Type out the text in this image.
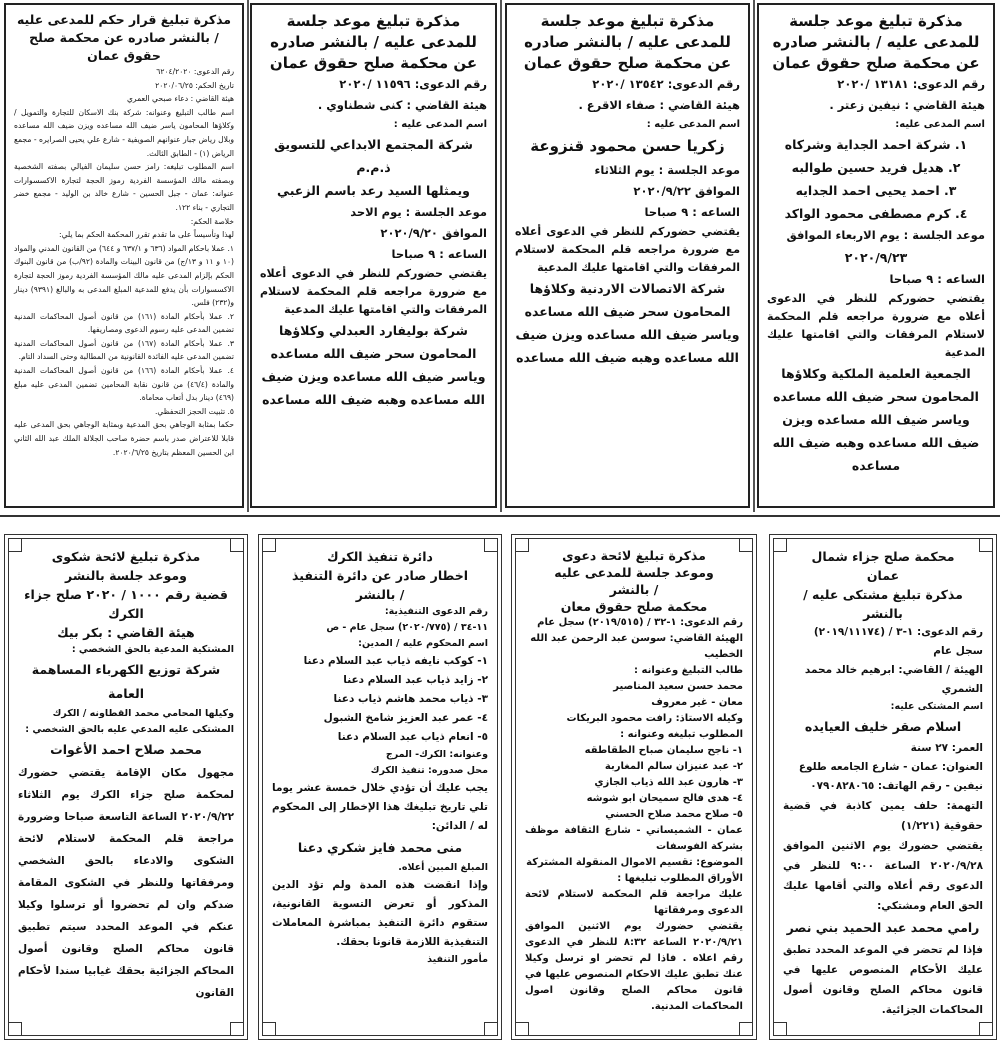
مذكرة تبليغ موعد جلسة
للمدعى عليه / بالنشر صادره
عن محكمة صلح حقوق عمان
رقم الدعوى: ١٣١٨١ /٢٠٢٠
هيئة القاضي : نيفين زعتر .
اسم المدعى عليه:
١. شركة احمد الجداية وشركاه
٢. هديل فريد حسين طوالبه
٣. احمد يحيى احمد الجدايه
٤. كرم مصطفى محمود الواكد
موعد الجلسة : يوم الاربعاء الموافق
٢٠٢٠/٩/٢٣
الساعه : ٩ صباحا
يقتضي حضوركم للنظر في الدعوى أعلاه مع ضرورة مراجعه قلم المحكمة لاستلام المرفقات والتي اقامتها عليك المدعية
الجمعية العلمية الملكية وكلاؤها المحامون سحر ضيف الله مساعده وياسر ضيف الله مساعده ويزن ضيف الله مساعده وهبه ضيف الله مساعده
مذكرة تبليغ موعد جلسة
للمدعى عليه / بالنشر صادره
عن محكمة صلح حقوق عمان
رقم الدعوى: ١٣٥٤٢ /٢٠٢٠
هيئة القاضي : صفاء الاقرع .
اسم المدعى عليه :
زكريا حسن محمود قنزوعة
موعد الجلسة : يوم الثلاثاء
الموافق ٢٠٢٠/٩/٢٢
الساعه : ٩ صباحا
يقتضي حضوركم للنظر في الدعوى أعلاه مع ضرورة مراجعه قلم المحكمة لاستلام المرفقات والتي اقامتها عليك المدعية
شركة الاتصالات الاردنية وكلاؤها المحامون سحر ضيف الله مساعده وياسر ضيف الله مساعده ويزن ضيف الله مساعده وهبه ضيف الله مساعده
مذكرة تبليغ موعد جلسة
للمدعى عليه / بالنشر صادره
عن محكمة صلح حقوق عمان
رقم الدعوى: ١١٥٩٦ /٢٠٢٠
هيئة القاضي : كنى شطناوي .
اسم المدعى عليه :
شركة المجتمع الابداعي للتسويق ذ.م.م
ويمثلها السيد رعد باسم الزعبي
موعد الجلسة : يوم الاحد
الموافق ٢٠٢٠/٩/٢٠
الساعه : ٩ صباحا
يقتضي حضوركم للنظر في الدعوى أعلاه مع ضرورة مراجعه قلم المحكمة لاستلام المرفقات والتي اقامتها عليك المدعية
شركة بوليفارد العبدلي وكلاؤها المحامون سحر ضيف الله مساعده وياسر ضيف الله مساعده ويزن ضيف الله مساعده وهبه ضيف الله مساعده
مذكرة تبليغ قرار حكم للمدعى عليه / بالنشر صادره عن محكمة صلح حقوق عمان
رقم الدعوى: ٦٢٠٤/٢٠٢٠
تاريخ الحكم: ٢٠٢٠/٠٦/٢٥
هيئة القاضي : دعاء صبحي العمري
اسم طالب التبليغ وعنوانه: شركة بنك الاسكان للتجارة والتمويل / وكلاؤها المحامون ياسر ضيف الله مساعده ويزن ضيف الله مساعده وبلال رياض جبار عنوانهم الصويفية - شارع علي يحيى الصرايره - مجمع الرياض (١) - الطابق الثالث.
اسم المطلوب تبليغه: رامز حسن سليمان الفيالي بصفته الشخصية وبصفته مالك المؤسسة الفردية رموز الحجة لتجارة الاكسسوارات عنوانه: عمان - جبل الحسين - شارع خالد بن الوليد - مجمع خضر التجاري - بناء ١٢٢.
خلاصة الحكم:
لهذا وتأسيساً على ما تقدم تقرر المحكمة الحكم بما يلي:
١. عملا باحكام المواد (٦٣٦ و ٦٣٧/١ و ٦٤٤) من القانون المدني والمواد (١٠ و ١١ و ١٣/ج) من قانون البينات والمادة (٩٢/ب) من قانون البنوك الحكم بإلزام المدعى عليه مالك المؤسسة الفردية رموز الحجة لتجارة الاكسسوارات بأن يدفع للمدعية المبلغ المدعى به والبالغ (٩٣٩١) دينار و(٢٣٢) فلس.
٢. عملا بأحكام المادة (١٦١) من قانون أصول المحاكمات المدنية تضمين المدعى عليه رسوم الدعوى ومصاريفها.
٣. عملا بأحكام المادة (١٦٧) من قانون أصول المحاكمات المدنية تضمين المدعى عليه الفائدة القانونية من المطالبة وحتى السداد التام.
٤. عملا بأحكام المادة (١٦٦) من قانون أصول المحاكمات المدنية والمادة (٤٦/٤) من قانون نقابة المحامين تضمين المدعى عليه مبلغ (٤٦٩) دينار بدل أتعاب محاماة.
٥. تثبيت الحجز التحفظي.
حكما بمثابة الوجاهي بحق المدعية وبمثابة الوجاهي بحق المدعى عليه قابلا للاعتراض صدر باسم حضرة صاحب الجلالة الملك عبد الله الثاني ابن الحسين المعظم بتاريخ ٢٠٢٠/٦/٢٥.
محكمة صلح جزاء شمال
عمان
مذكرة تبليغ مشتكى عليه / بالنشر
رقم الدعوى: ١-٣ / (٢٠١٩/١١١٧٤) سجل عام
الهيئة / القاضي: ابرهيم خالد محمد الشمري
اسم المشتكى عليه:
اسلام صقر خليف العيايده
العمر: ٢٧ سنة
العنوان: عمان - شارع الجامعه طلوع نيفين - رقم الهاتف: ٠٧٩٠٨٢٨٠٦٥
التهمة: حلف يمين كاذبة في قضية حقوقية (١/٢٢١)
يقتضي حضورك يوم الاثنين الموافق ٢٠٢٠/٩/٢٨ الساعة ٩:٠٠ للنظر في الدعوى رقم أعلاه والتي أقامها عليك الحق العام ومشتكي:
رامي محمد عبد الحميد بني نصر
فإذا لم تحضر في الموعد المحدد تطبق عليك الأحكام المنصوص عليها في قانون محاكم الصلح وقانون أصول المحاكمات الجزائية.
مذكرة تبليغ لائحة دعوى
وموعد جلسة للمدعى عليه
/ بالنشر
محكمة صلح حقوق معان
رقم الدعوى: ١-٣٢ / (٢٠١٩/٥١٥) سجل عام
الهيئة القاضي: سوسن عبد الرحمن عبد الله الخطيب
طالب التبليغ وعنوانه :
محمد حسن سعيد المناصير
معان - غير معروف
وكيله الاستاذ: رافت محمود البريكات
المطلوب تبليغه وعنوانه :
١- ناجح سليمان صباح الطقاطقه
٢- عبد عنيزان سالم المغاربة
٣- هارون عبد الله ذياب الجازي
٤- هدى فالح سميحان ابو شوشه
٥- صلاح محمد صلاح الحسني
عمان - الشميساني - شارع الثقافة موظف بشركة الفوسفات
الموضوع: تقسيم الاموال المنقولة المشتركة
الأوراق المطلوب تبليغها :
عليك مراجعة قلم المحكمة لاستلام لائحة الدعوى ومرفقاتها
يقتضي حضورك يوم الاثنين الموافق ٢٠٢٠/٩/٢١ الساعة ٨:٣٢ للنظر في الدعوى رقم اعلاه . فاذا لم تحضر او ترسل وكيلا عنك تطبق عليك الاحكام المنصوص عليها في قانون محاكم الصلح وقانون اصول المحاكمات المدنية.
دائرة تنفيذ الكرك
اخطار صادر عن دائرة التنفيذ
/ بالنشر
رقم الدعوى التنفيذية:
١١-٣٤ / (٢٠٢٠/٧٧٥) سجل عام - ص
اسم المحكوم عليه / المدين:
١- كوكب نايفه ذياب عبد السلام دعنا
٢- زايد ذياب عبد السلام دعنا
٣- ذياب محمد هاشم ذياب دعنا
٤- عمر عبد العزيز شامخ الشبول
٥- انعام ذياب عبد السلام دعنا
وعنوانه: الكرك- المرج
محل صدوره: تنفيذ الكرك
يجب عليك أن تؤدي خلال خمسة عشر يوما تلي تاريخ تبليغك هذا الإخطار إلى المحكوم له / الدائن:
منى محمد فايز شكري دعنا
المبلغ المبين أعلاه.
وإذا انقضت هذه المدة ولم تؤد الدين المذكور أو تعرض التسوية القانونية، ستقوم دائرة التنفيذ بمباشرة المعاملات التنفيذية اللازمة قانونا بحقك.
مأمور التنفيذ
مذكرة تبليغ لائحة شكوى
وموعد جلسة بالنشر
قضية رقم ١٠٠٠ / ٢٠٢٠ صلح جزاء
الكرك
هيئة القاضي : بكر بيك
المشتكية المدعية بالحق الشخصي :
شركة توزيع الكهرباء المساهمة العامة
وكيلها المحامي محمد القطاونه / الكرك
المشتكى عليه المدعي عليه بالحق الشخصي :
محمد صلاح احمد الأغوات
مجهول مكان الإقامة يقتضي حضورك لمحكمة صلح جزاء الكرك يوم الثلاثاء ٢٠٢٠/٩/٢٢ الساعة التاسعة صباحا وضرورة مراجعة قلم المحكمة لاستلام لائحة الشكوى والادعاء بالحق الشخصي ومرفقاتها وللنظر في الشكوى المقامة ضدكم وان لم تحضروا أو ترسلوا وكيلا عنكم في الموعد المحدد سيتم تطبيق قانون محاكم الصلح وقانون أصول المحاكم الجزائية بحقك غيابيا سندا لأحكام القانون
